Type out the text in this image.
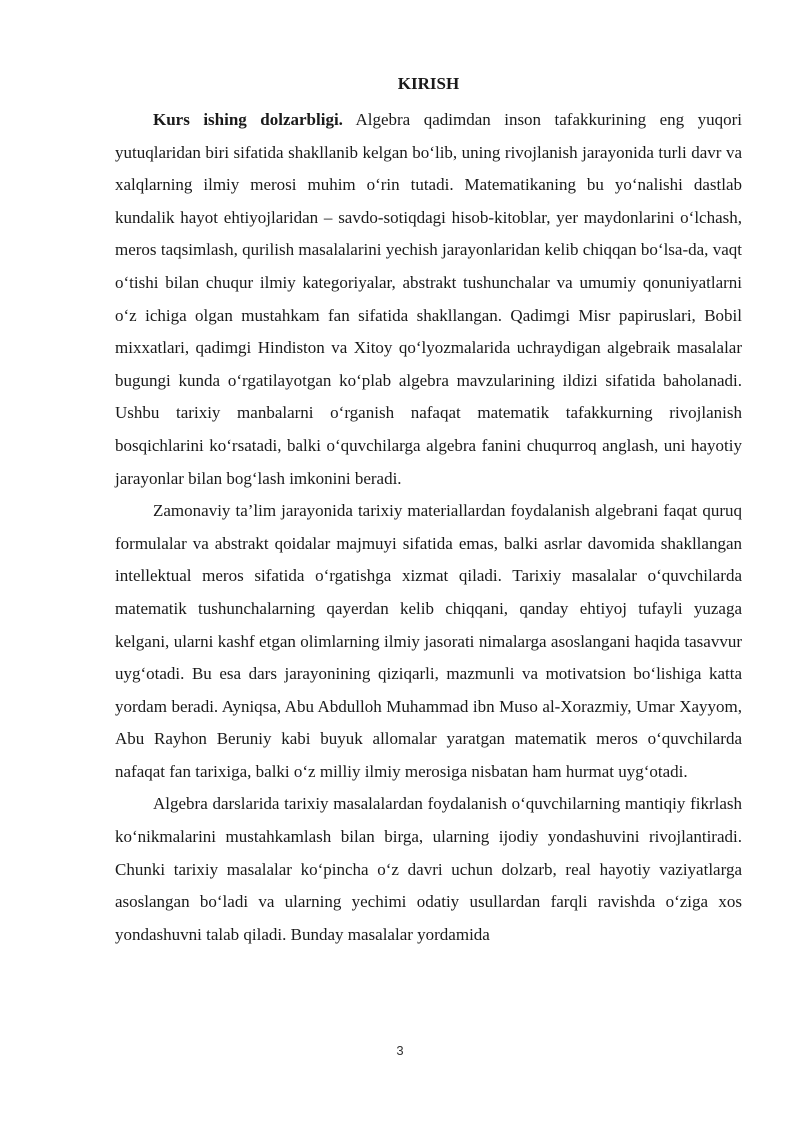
KIRISH

Kurs ishing dolzarbligi. Algebra qadimdan inson tafakkurining eng yuqori yutuqlaridan biri sifatida shakllanib kelgan bo‘lib, uning rivojlanish jarayonida turli davr va xalqlarning ilmiy merosi muhim o‘rin tutadi. Matematikaning bu yo‘nalishi dastlab kundalik hayot ehtiyojlaridan – savdo-sotiqdagi hisob-kitoblar, yer maydonlarini o‘lchash, meros taqsimlash, qurilish masalalarini yechish jarayonlaridan kelib chiqqan bo‘lsa-da, vaqt o‘tishi bilan chuqur ilmiy kategoriyalar, abstrakt tushunchalar va umumiy qonuniyatlarni o‘z ichiga olgan mustahkam fan sifatida shakllangan. Qadimgi Misr papiruslari, Bobil mixxatlari, qadimgi Hindiston va Xitoy qo‘lyozmalarida uchraydigan algebraik masalalar bugungi kunda o‘rgatilayotgan ko‘plab algebra mavzularining ildizi sifatida baholanadi. Ushbu tarixiy manbalarni o‘rganish nafaqat matematik tafakkurning rivojlanish bosqichlarini ko‘rsatadi, balki o‘quvchilarga algebra fanini chuqurroq anglash, uni hayotiy jarayonlar bilan bog‘lash imkonini beradi.

Zamonaviy ta’lim jarayonida tarixiy materiallardan foydalanish algebrani faqat quruq formulalar va abstrakt qoidalar majmuyi sifatida emas, balki asrlar davomida shakllangan intellektual meros sifatida o‘rgatishga xizmat qiladi. Tarixiy masalalar o‘quvchilarda matematik tushunchalarning qayerdan kelib chiqqani, qanday ehtiyoj tufayli yuzaga kelgani, ularni kashf etgan olimlarning ilmiy jasorati nimalarga asoslangani haqida tasavvur uyg‘otadi. Bu esa dars jarayonining qiziqarli, mazmunli va motivatsion bo‘lishiga katta yordam beradi. Ayniqsa, Abu Abdulloh Muhammad ibn Muso al-Xorazmiy, Umar Xayyom, Abu Rayhon Beruniy kabi buyuk allomalar yaratgan matematik meros o‘quvchilarda nafaqat fan tarixiga, balki o‘z milliy ilmiy merosiga nisbatan ham hurmat uyg‘otadi.

Algebra darslarida tarixiy masalalardan foydalanish o‘quvchilarning mantiqiy fikrlash ko‘nikmalarini mustahkamlash bilan birga, ularning ijodiy yondashuvini rivojlantiradi. Chunki tarixiy masalalar ko‘pincha o‘z davri uchun dolzarb, real hayotiy vaziyatlarga asoslangan bo‘ladi va ularning yechimi odatiy usullardan farqli ravishda o‘ziga xos yondashuvni talab qiladi. Bunday masalalar yordamida

3
